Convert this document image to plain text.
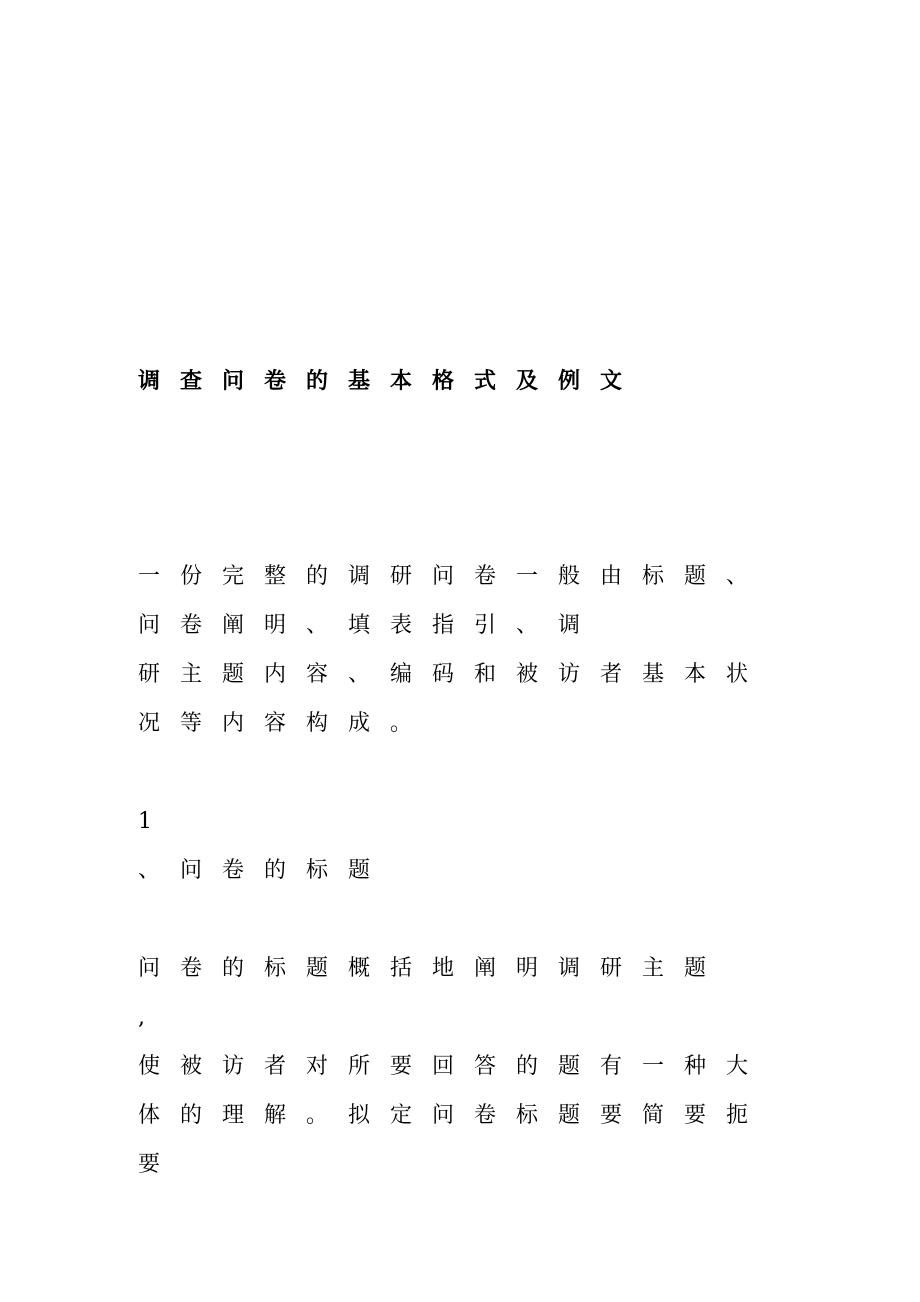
调查问卷的基本格式及例文

一份完整的调研问卷一般由标题、

问卷阐明、填表指引、调

研主题内容、编码和被访者基本状

况等内容构成。

1

、问卷的标题

问卷的标题概括地阐明调研主题

,

使被访者对所要回答的题有一种大

体的理解。拟定问卷标题要简要扼

要
